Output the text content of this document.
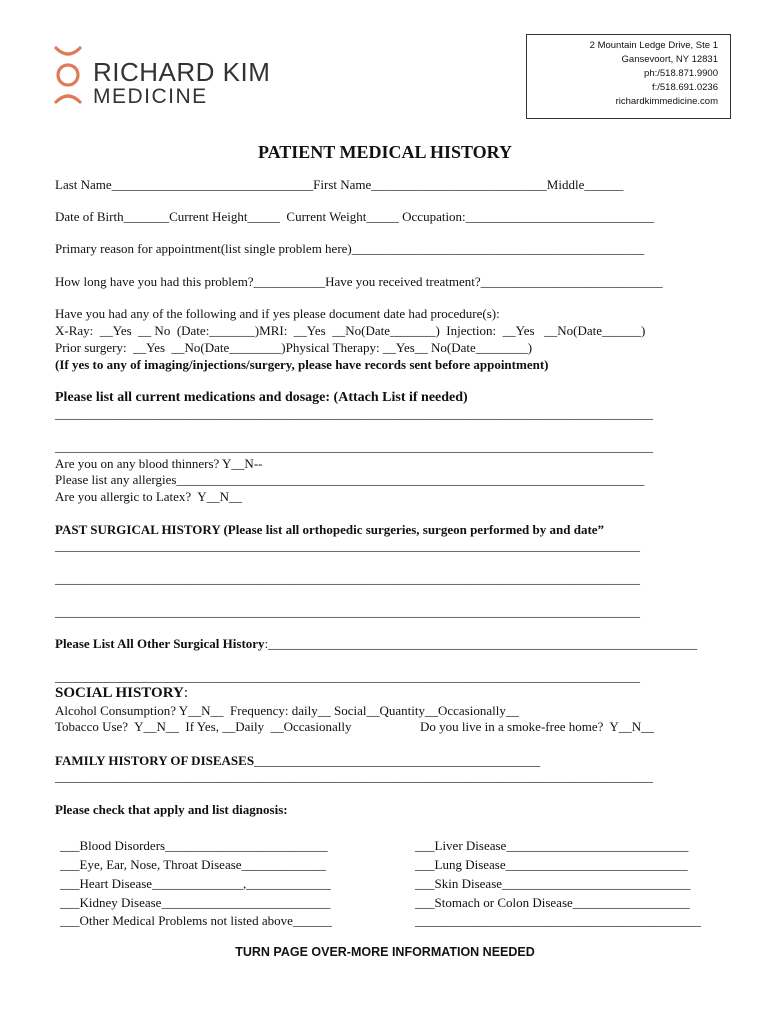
RICHARD KIM
MEDICINE
2 Mountain Ledge Drive, Ste 1
Gansevoort, NY 12831
ph:/518.871.9900
f:/518.691.0236
richardkimmedicine.com
PATIENT MEDICAL HISTORY
Last Name_______________________________First Name___________________________Middle______
Date of Birth_______Current Height_____  Current Weight_____ Occupation:_____________________________
Primary reason for appointment(list single problem here)_____________________________________________
How long have you had this problem?___________Have you received treatment?____________________________
Have you had any of the following and if yes please document date had procedure(s):
X-Ray:  __Yes  __ No  (Date:_______)MRI:  __Yes  __No(Date_______)  Injection:  __Yes   __No(Date______)
Prior surgery:  __Yes  __No(Date________)Physical Therapy: __Yes__ No(Date________)
(If yes to any of imaging/injections/surgery, please have records sent before appointment)
Please list all current medications and dosage: (Attach List if needed)
____________________________________________________________________________________________
____________________________________________________________________________________________
Are you on any blood thinners? Y__N--
Please list any allergies________________________________________________________________________
Are you allergic to Latex?  Y__N__
PAST SURGICAL HISTORY (Please list all orthopedic surgeries, surgeon performed by and date”
__________________________________________________________________________________________
__________________________________________________________________________________________
__________________________________________________________________________________________
Please List All Other Surgical History:__________________________________________________________________
__________________________________________________________________________________________
SOCIAL HISTORY:
Alcohol Consumption? Y__N__  Frequency: daily__ Social__Quantity__Occasionally__
Tobacco Use?  Y__N__  If Yes, __Daily  __Occasionally	Do you live in a smoke-free home?  Y__N__
FAMILY HISTORY OF DISEASES____________________________________________
____________________________________________________________________________________________
Please check that apply and list diagnosis:
___Blood Disorders_________________________
___Eye, Ear, Nose, Throat Disease_____________
___Heart Disease______________,_____________
___Kidney Disease__________________________
___Other Medical Problems not listed above______
___Liver Disease____________________________
___Lung Disease____________________________
___Skin Disease_____________________________
___Stomach or Colon Disease__________________
____________________________________________
TURN PAGE OVER-MORE INFORMATION NEEDED
